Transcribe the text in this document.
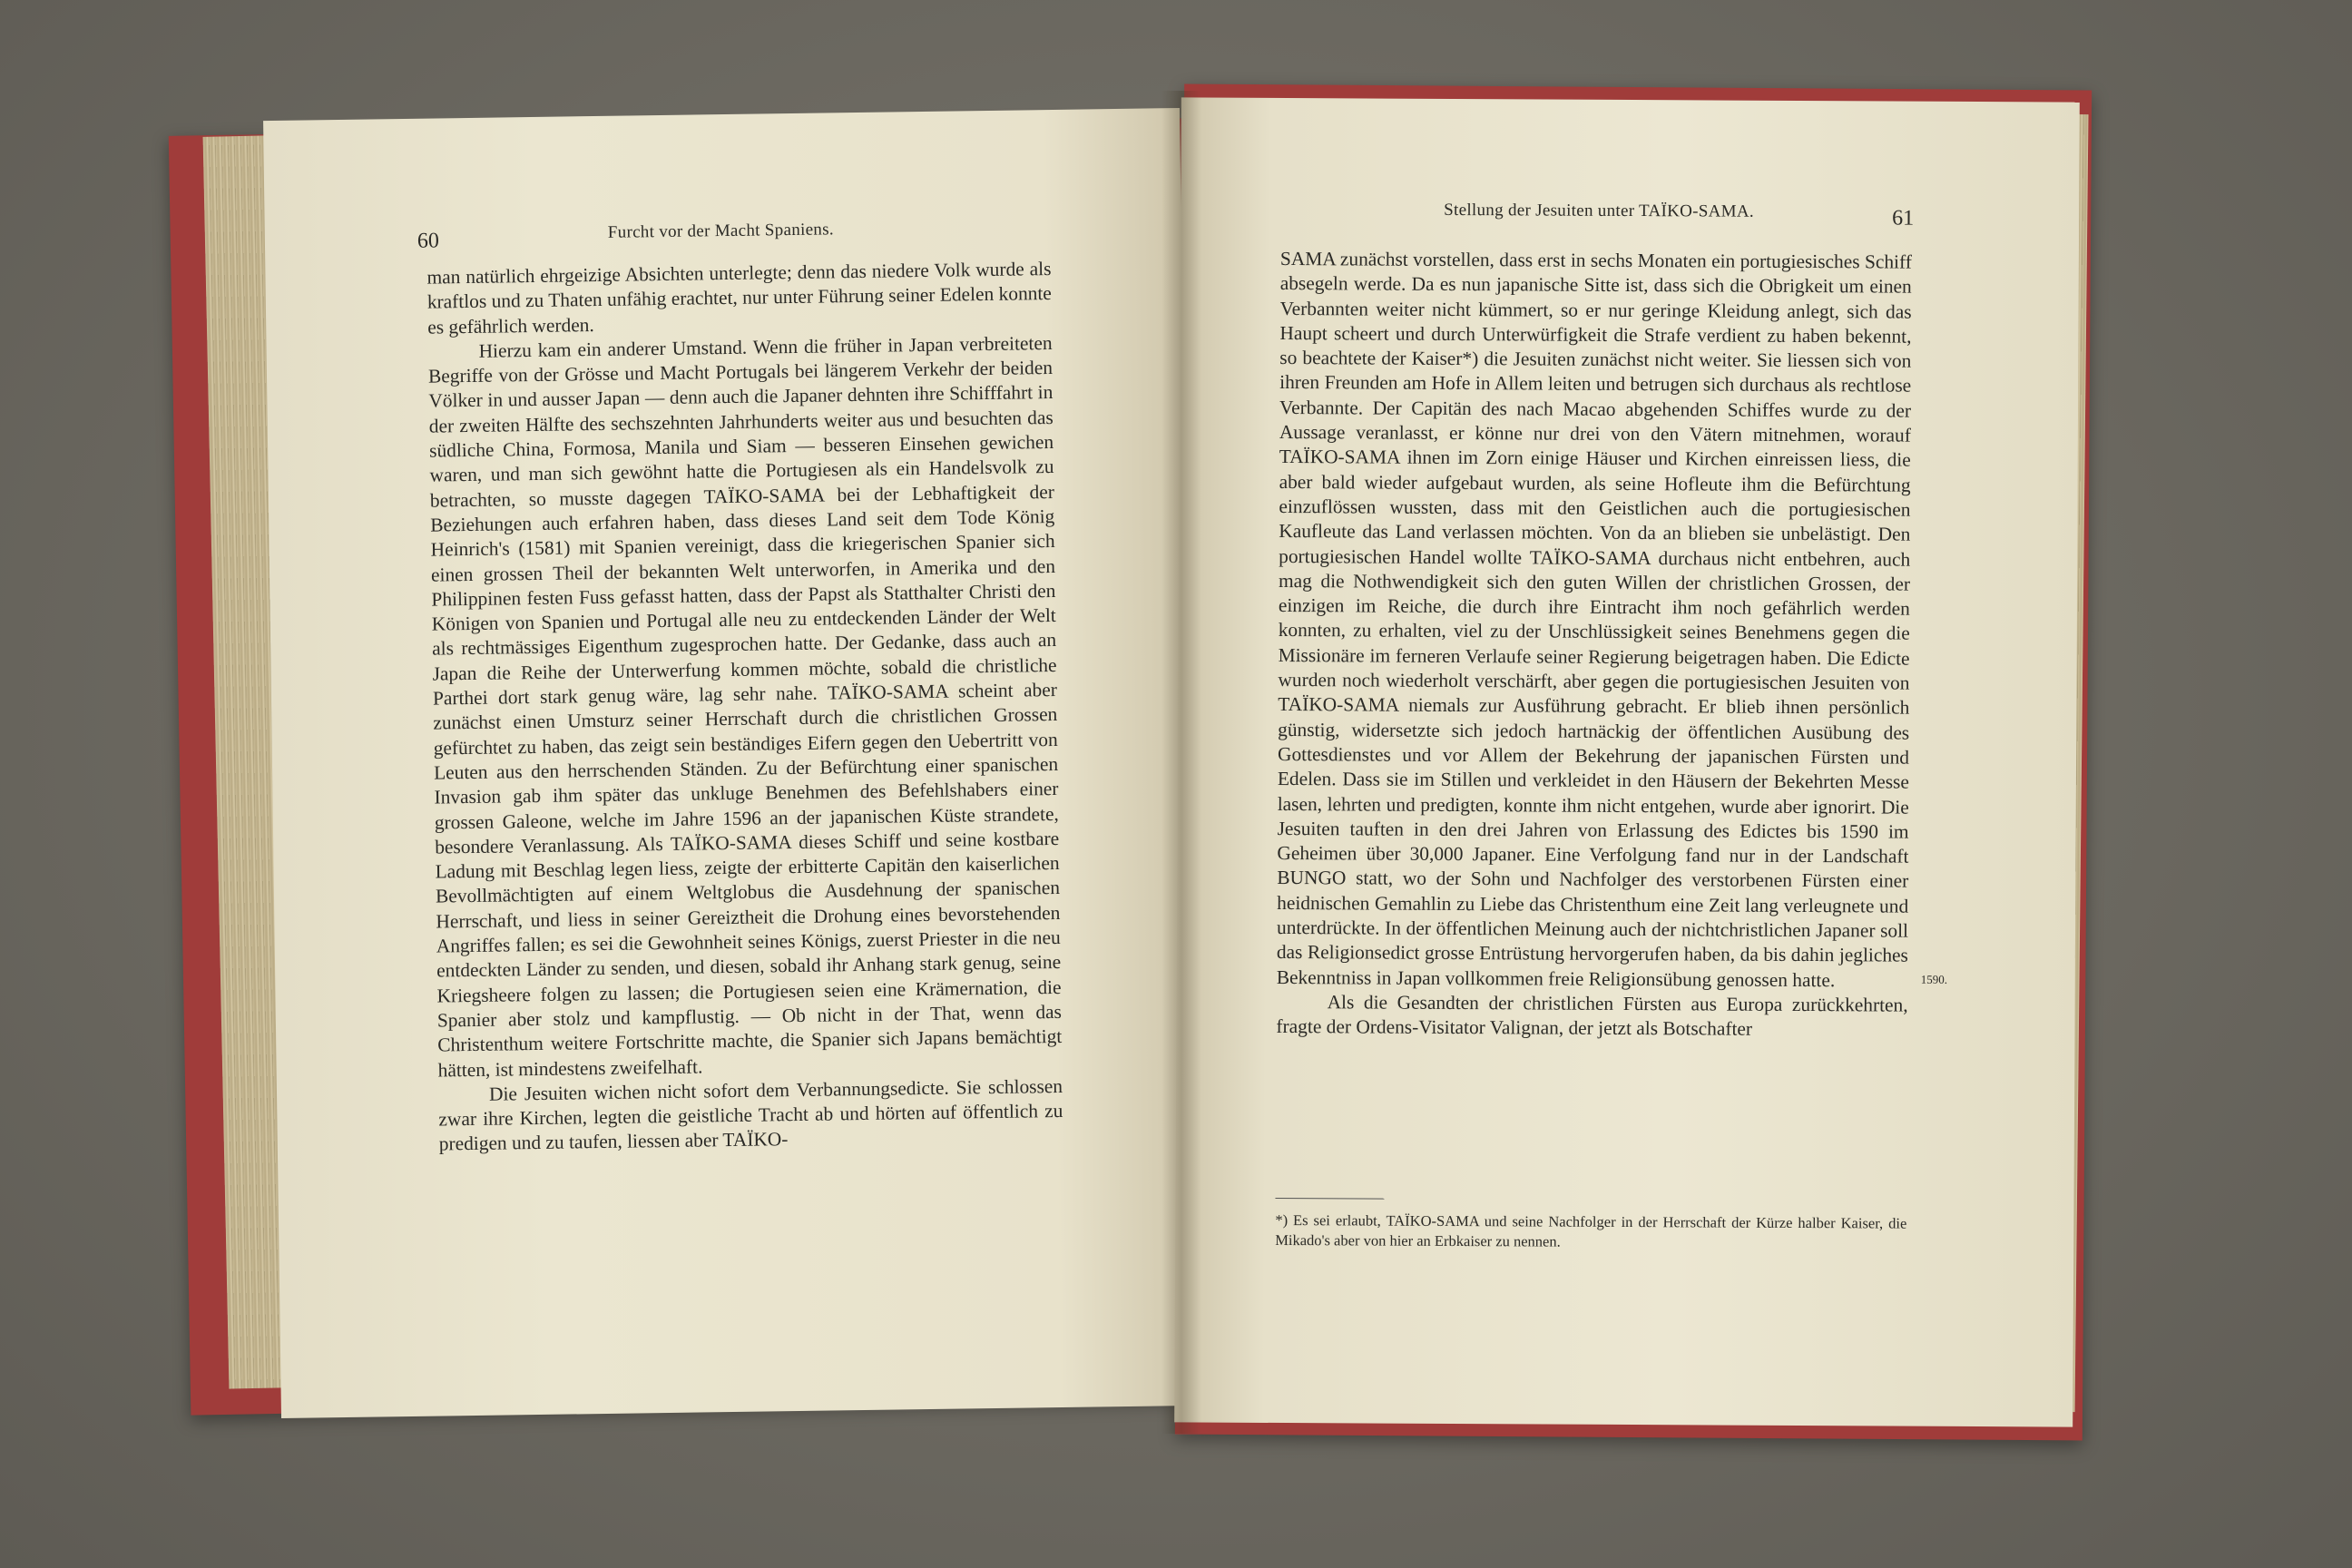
60	Furcht vor der Macht Spaniens.

man natürlich ehrgeizige Absichten unterlegte; denn das niedere Volk wurde als kraftlos und zu Thaten unfähig erachtet, nur unter Führung seiner Edelen konnte es gefährlich werden.

Hierzu kam ein anderer Umstand. Wenn die früher in Japan verbreiteten Begriffe von der Grösse und Macht Portugals bei längerem Verkehr der beiden Völker in und ausser Japan — denn auch die Japaner dehnten ihre Schifffahrt in der zweiten Hälfte des sechszehnten Jahrhunderts weiter aus und besuchten das südliche China, Formosa, Manila und Siam — besseren Einsehen gewichen waren, und man sich gewöhnt hatte die Portugiesen als ein Handelsvolk zu betrachten, so musste dagegen TAÏKO-SAMA bei der Lebhaftigkeit der Beziehungen auch erfahren haben, dass dieses Land seit dem Tode König Heinrich's (1581) mit Spanien vereinigt, dass die kriegerischen Spanier sich einen grossen Theil der bekannten Welt unterworfen, in Amerika und den Philippinen festen Fuss gefasst hatten, dass der Papst als Statthalter Christi den Königen von Spanien und Portugal alle neu zu entdeckenden Länder der Welt als rechtmässiges Eigenthum zugesprochen hatte. Der Gedanke, dass auch an Japan die Reihe der Unterwerfung kommen möchte, sobald die christliche Parthei dort stark genug wäre, lag sehr nahe. TAÏKO-SAMA scheint aber zunächst einen Umsturz seiner Herrschaft durch die christlichen Grossen gefürchtet zu haben, das zeigt sein beständiges Eifern gegen den Uebertritt von Leuten aus den herrschenden Ständen. Zu der Befürchtung einer spanischen Invasion gab ihm später das unkluge Benehmen des Befehlshabers einer grossen Galeone, welche im Jahre 1596 an der japanischen Küste strandete, besondere Veranlassung. Als TAÏKO-SAMA dieses Schiff und seine kostbare Ladung mit Beschlag legen liess, zeigte der erbitterte Capitän den kaiserlichen Bevollmächtigten auf einem Weltglobus die Ausdehnung der spanischen Herrschaft, und liess in seiner Gereiztheit die Drohung eines bevorstehenden Angriffes fallen; es sei die Gewohnheit seines Königs, zuerst Priester in die neu entdeckten Länder zu senden, und diesen, sobald ihr Anhang stark genug, seine Kriegsheere folgen zu lassen; die Portugiesen seien eine Krämernation, die Spanier aber stolz und kampflustig. — Ob nicht in der That, wenn das Christenthum weitere Fortschritte machte, die Spanier sich Japans bemächtigt hätten, ist mindestens zweifelhaft.

Die Jesuiten wichen nicht sofort dem Verbannungsedicte. Sie schlossen zwar ihre Kirchen, legten die geistliche Tracht ab und hörten auf öffentlich zu predigen und zu taufen, liessen aber TAÏKO-

Stellung der Jesuiten unter TAÏKO-SAMA.	61

SAMA zunächst vorstellen, dass erst in sechs Monaten ein portugiesisches Schiff absegeln werde. Da es nun japanische Sitte ist, dass sich die Obrigkeit um einen Verbannten weiter nicht kümmert, so er nur geringe Kleidung anlegt, sich das Haupt scheert und durch Unterwürfigkeit die Strafe verdient zu haben bekennt, so beachtete der Kaiser*) die Jesuiten zunächst nicht weiter. Sie liessen sich von ihren Freunden am Hofe in Allem leiten und betrugen sich durchaus als rechtlose Verbannte. Der Capitän des nach Macao abgehenden Schiffes wurde zu der Aussage veranlasst, er könne nur drei von den Vätern mitnehmen, worauf TAÏKO-SAMA ihnen im Zorn einige Häuser und Kirchen einreissen liess, die aber bald wieder aufgebaut wurden, als seine Hofleute ihm die Befürchtung einzuflössen wussten, dass mit den Geistlichen auch die portugiesischen Kaufleute das Land verlassen möchten. Von da an blieben sie unbelästigt. Den portugiesischen Handel wollte TAÏKO-SAMA durchaus nicht entbehren, auch mag die Nothwendigkeit sich den guten Willen der christlichen Grossen, der einzigen im Reiche, die durch ihre Eintracht ihm noch gefährlich werden konnten, zu erhalten, viel zu der Unschlüssigkeit seines Benehmens gegen die Missionäre im ferneren Verlaufe seiner Regierung beigetragen haben. Die Edicte wurden noch wiederholt verschärft, aber gegen die portugiesischen Jesuiten von TAÏKO-SAMA niemals zur Ausführung gebracht. Er blieb ihnen persönlich günstig, widersetzte sich jedoch hartnäckig der öffentlichen Ausübung des Gottesdienstes und vor Allem der Bekehrung der japanischen Fürsten und Edelen. Dass sie im Stillen und verkleidet in den Häusern der Bekehrten Messe lasen, lehrten und predigten, konnte ihm nicht entgehen, wurde aber ignorirt. Die Jesuiten tauften in den drei Jahren von Erlassung des Edictes bis 1590 im Geheimen über 30,000 Japaner. Eine Verfolgung fand nur in der Landschaft BUNGO statt, wo der Sohn und Nachfolger des verstorbenen Fürsten einer heidnischen Gemahlin zu Liebe das Christenthum eine Zeit lang verleugnete und unterdrückte. In der öffentlichen Meinung auch der nichtchristlichen Japaner soll das Religionsedict grosse Entrüstung hervorgerufen haben, da bis dahin jegliches Bekenntniss in Japan vollkommen freie Religionsübung genossen hatte.

Als die Gesandten der christlichen Fürsten aus Europa zurückkehrten, fragte der Ordens-Visitator Valignan, der jetzt als Botschafter

1590.
*) Es sei erlaubt, TAÏKO-SAMA und seine Nachfolger in der Herrschaft der Kürze halber Kaiser, die Mikado's aber von hier an Erbkaiser zu nennen.
